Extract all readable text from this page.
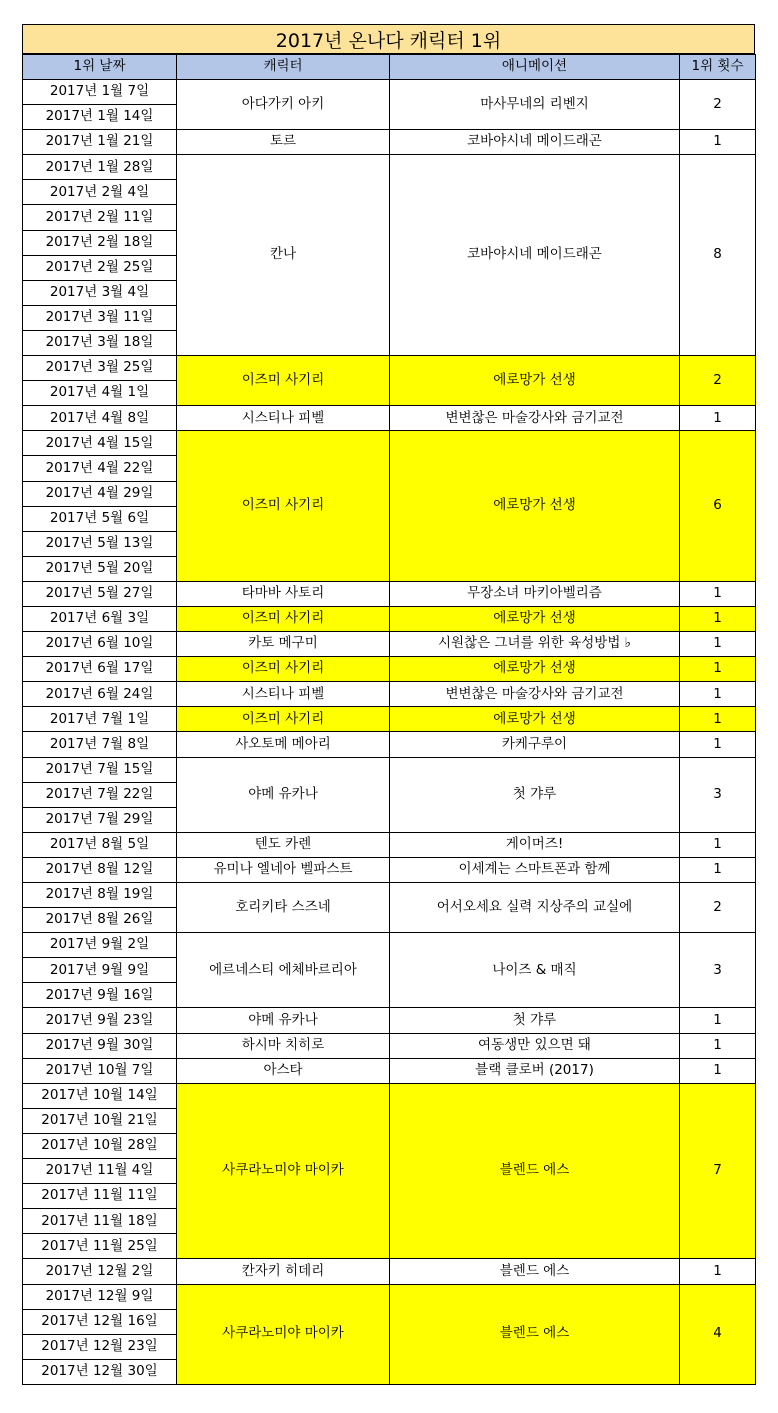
2017년 온나다 캐릭터 1위
1위 날짜	캐릭터	애니메이션	1위 횟수
2017년 1월 7일	아다가키 아키	마사무네의 리벤지	2
2017년 1월 14일			
2017년 1월 21일	토르	코바야시네 메이드래곤	1
2017년 1월 28일	칸나	코바야시네 메이드래곤	8
2017년 2월 4일			
2017년 2월 11일			
2017년 2월 18일			
2017년 2월 25일			
2017년 3월 4일			
2017년 3월 11일			
2017년 3월 18일			
2017년 3월 25일	이즈미 사기리	에로망가 선생	2
2017년 4월 1일			
2017년 4월 8일	시스티나 피벨	변변찮은 마술강사와 금기교전	1
2017년 4월 15일	이즈미 사기리	에로망가 선생	6
2017년 4월 22일			
2017년 4월 29일			
2017년 5월 6일			
2017년 5월 13일			
2017년 5월 20일			
2017년 5월 27일	타마바 사토리	무장소녀 마키아벨리즘	1
2017년 6월 3일	이즈미 사기리	에로망가 선생	1
2017년 6월 10일	카토 메구미	시원찮은 그녀를 위한 육성방법 ♭	1
2017년 6월 17일	이즈미 사기리	에로망가 선생	1
2017년 6월 24일	시스티나 피벨	변변찮은 마술강사와 금기교전	1
2017년 7월 1일	이즈미 사기리	에로망가 선생	1
2017년 7월 8일	사오토메 메아리	카케구루이	1
2017년 7월 15일	야메 유카나	첫 갸루	3
2017년 7월 22일			
2017년 7월 29일			
2017년 8월 5일	텐도 카렌	게이머즈!	1
2017년 8월 12일	유미나 엘네아 벨파스트	이세계는 스마트폰과 함께	1
2017년 8월 19일	호리키타 스즈네	어서오세요 실력 지상주의 교실에	2
2017년 8월 26일			
2017년 9월 2일	에르네스티 에체바르리아	나이즈 & 매직	3
2017년 9월 9일			
2017년 9월 16일			
2017년 9월 23일	야메 유카나	첫 갸루	1
2017년 9월 30일	하시마 치히로	여동생만 있으면 돼	1
2017년 10월 7일	아스타	블랙 클로버 (2017)	1
2017년 10월 14일	사쿠라노미야 마이카	블렌드 에스	7
2017년 10월 21일			
2017년 10월 28일			
2017년 11월 4일			
2017년 11월 11일			
2017년 11월 18일			
2017년 11월 25일			
2017년 12월 2일	칸자키 히데리	블렌드 에스	1
2017년 12월 9일	사쿠라노미야 마이카	블렌드 에스	4
2017년 12월 16일			
2017년 12월 23일			
2017년 12월 30일			
